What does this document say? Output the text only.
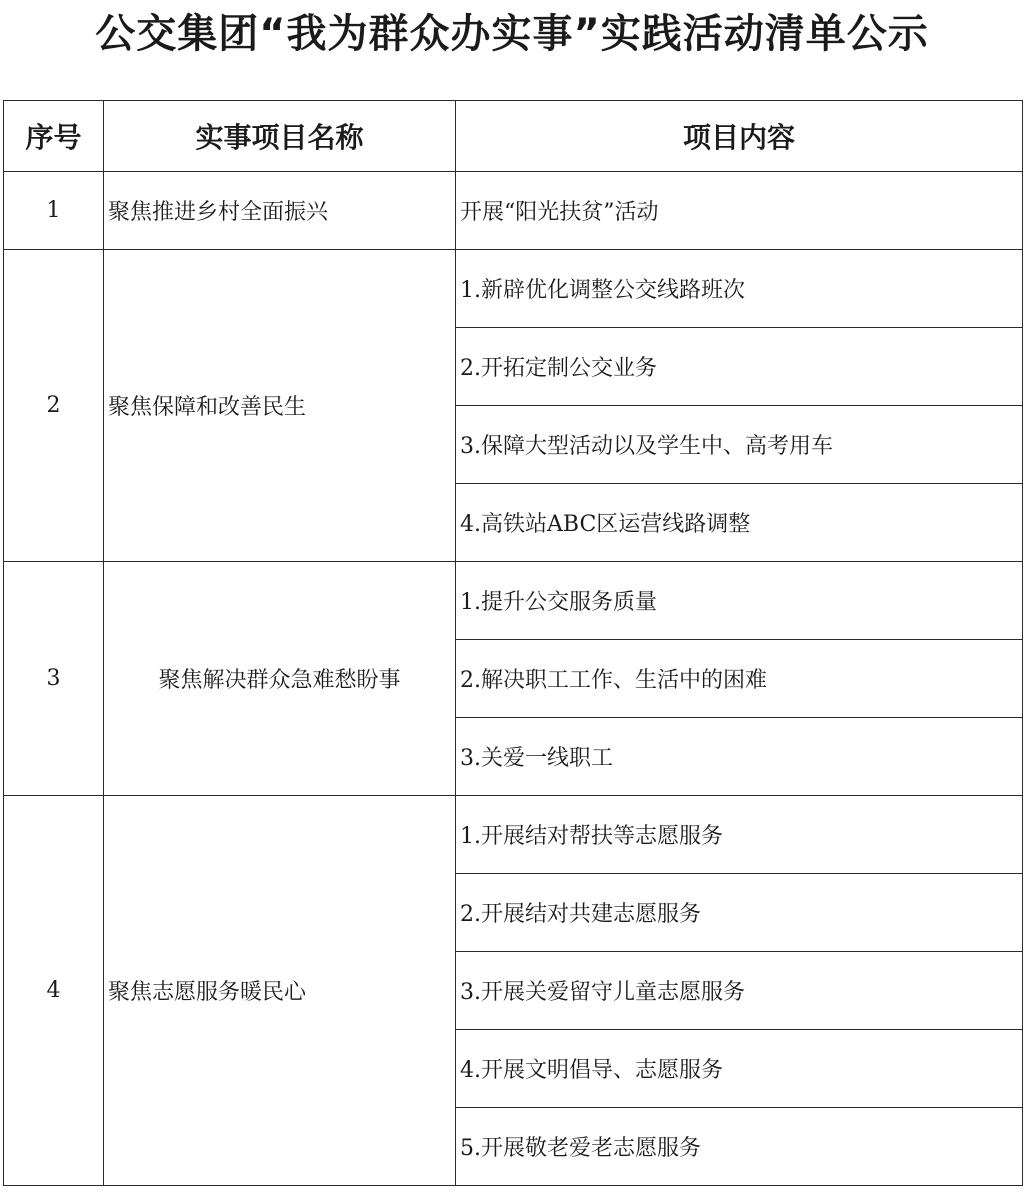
公交集团“我为群众办实事”实践活动清单公示
序号	实事项目名称	项目内容
1	聚焦推进乡村全面振兴	开展“阳光扶贫”活动
2	聚焦保障和改善民生	1.新辟优化调整公交线路班次
		2.开拓定制公交业务
		3.保障大型活动以及学生中、高考用车
		4.高铁站ABC区运营线路调整
3	聚焦解决群众急难愁盼事	1.提升公交服务质量
		2.解决职工工作、生活中的困难
		3.关爱一线职工
4	聚焦志愿服务暖民心	1.开展结对帮扶等志愿服务
		2.开展结对共建志愿服务
		3.开展关爱留守儿童志愿服务
		4.开展文明倡导、志愿服务
		5.开展敬老爱老志愿服务
